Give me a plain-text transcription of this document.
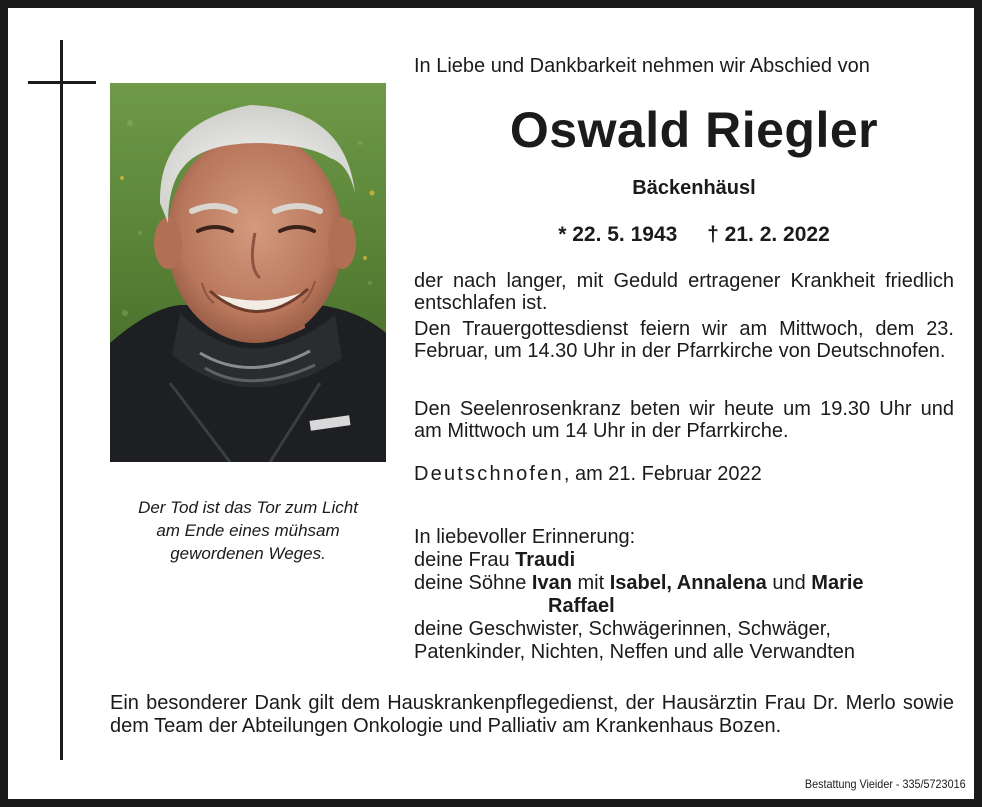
Der Tod ist das Tor zum Licht
am Ende eines mühsam
gewordenen Weges.
In Liebe und Dankbarkeit nehmen wir Abschied von
Oswald Riegler
Bäckenhäusl
* 22. 5. 1943 † 21. 2. 2022
der nach langer, mit Geduld ertragener Krankheit friedlich entschlafen ist.
Den Trauergottesdienst feiern wir am Mittwoch, dem 23. Februar, um 14.30 Uhr in der Pfarrkirche von Deutschnofen.
Den Seelenrosenkranz beten wir heute um 19.30 Uhr und am Mittwoch um 14 Uhr in der Pfarrkirche.
Deutschnofen, am 21. Februar 2022
In liebevoller Erinnerung:
deine Frau Traudi
deine Söhne Ivan mit Isabel, Annalena und Marie
Raffael
deine Geschwister, Schwägerinnen, Schwäger,
Patenkinder, Nichten, Neffen und alle Verwandten
Ein besonderer Dank gilt dem Hauskrankenpflegedienst, der Hausärztin Frau Dr. Merlo sowie dem Team der Abteilungen Onkologie und Palliativ am Krankenhaus Bozen.
Bestattung Vieider - 335/5723016
